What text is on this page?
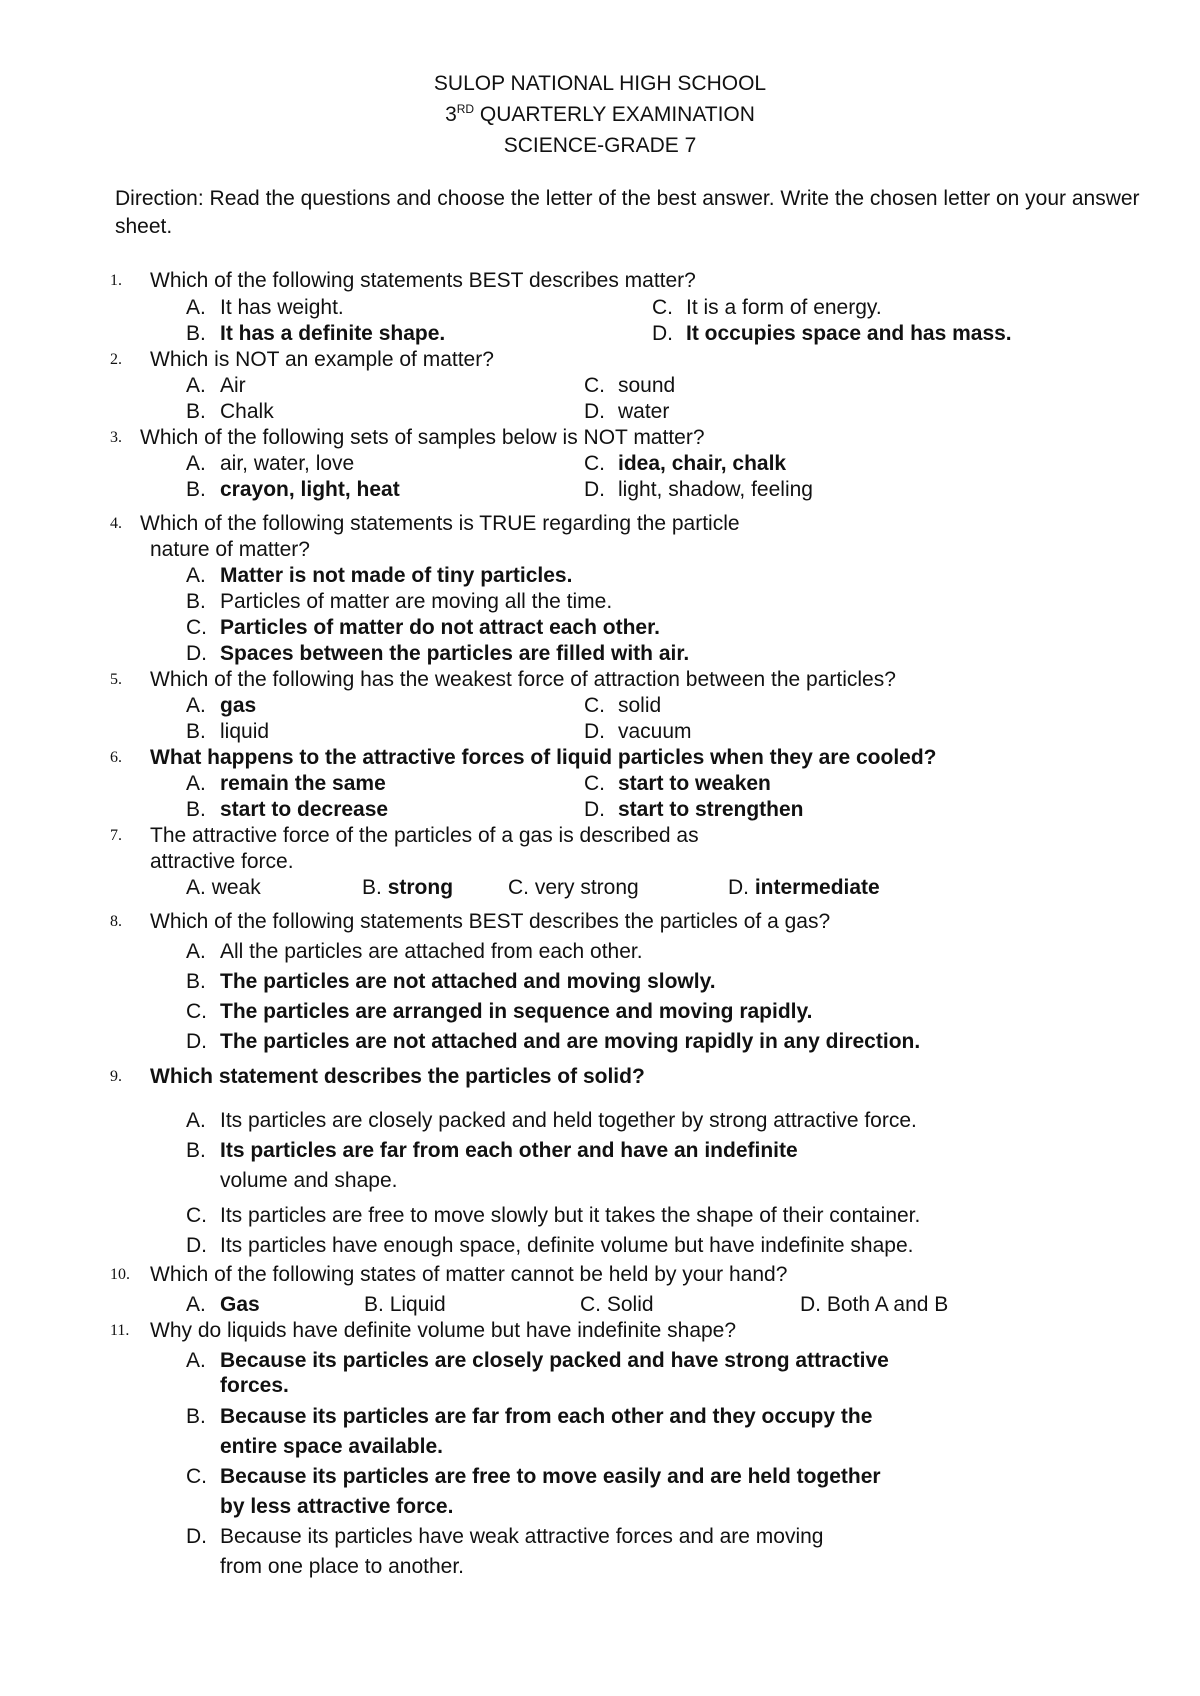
SULOP NATIONAL HIGH SCHOOL
3RD QUARTERLY EXAMINATION
SCIENCE-GRADE 7
Direction: Read the questions and choose the letter of the best answer. Write the chosen letter on your answer sheet.
1.	Which of the following statements BEST describes matter?
A. It has weight.	C. It is a form of energy.
B. It has a definite shape.	D. It occupies space and has mass.
2.	Which is NOT an example of matter?
A. Air	C. sound
B. Chalk	D. water
3. Which of the following sets of samples below is NOT matter?
A. air, water, love	C. idea, chair, chalk
B. crayon, light, heat	D. light, shadow, feeling
4. Which of the following statements is TRUE regarding the particle
nature of matter?
A. Matter is not made of tiny particles.
B. Particles of matter are moving all the time.
C. Particles of matter do not attract each other.
D. Spaces between the particles are filled with air.
5.	Which of the following has the weakest force of attraction between the particles?
A. gas	C. solid
B. liquid	D. vacuum
6.	What happens to the attractive forces of liquid particles when they are cooled?
A. remain the same	C. start to weaken
B. start to decrease	D. start to strengthen
7.	The attractive force of the particles of a gas is described as
attractive force.
A. weak	B. strong	C. very strong	D. intermediate
8.	Which of the following statements BEST describes the particles of a gas?
A. All the particles are attached from each other.
B. The particles are not attached and moving slowly.
C. The particles are arranged in sequence and moving rapidly.
D. The particles are not attached and are moving rapidly in any direction.
9.	Which statement describes the particles of solid?
A. Its particles are closely packed and held together by strong attractive force.
B. Its particles are far from each other and have an indefinite
volume and shape.
C. Its particles are free to move slowly but it takes the shape of their container.
D. Its particles have enough space, definite volume but have indefinite shape.
10. Which of the following states of matter cannot be held by your hand?
A. Gas	B. Liquid	C. Solid	D. Both A and B
11. Why do liquids have definite volume but have indefinite shape?
A. Because its particles are closely packed and have strong attractive
forces.
B. Because its particles are far from each other and they occupy the
entire space available.
C. Because its particles are free to move easily and are held together
by less attractive force.
D. Because its particles have weak attractive forces and are moving
from one place to another.
